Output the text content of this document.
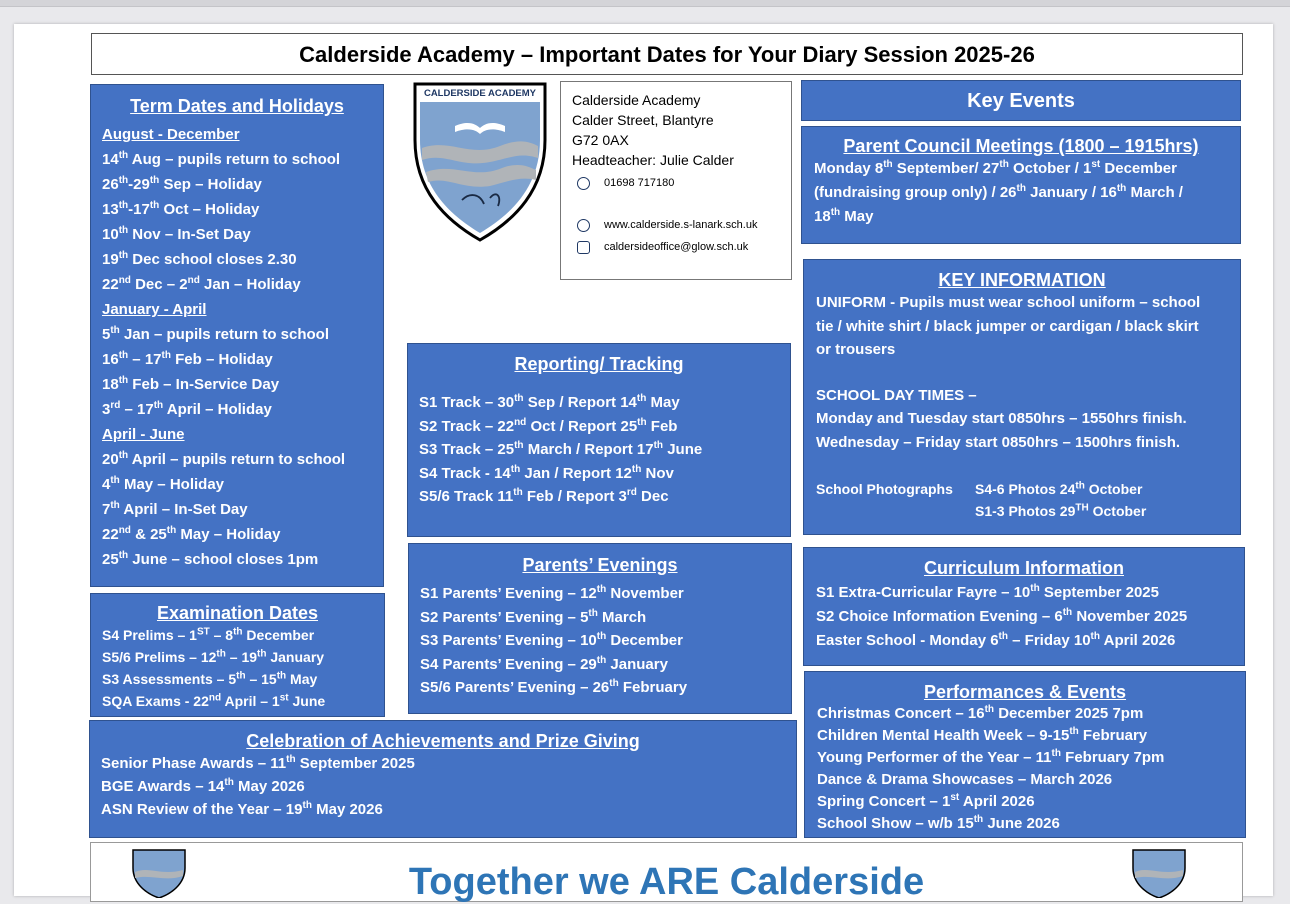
Calderside Academy – Important Dates for Your Diary Session 2025-26
Term Dates and Holidays
August - December
14th Aug – pupils return to school
26th-29th Sep – Holiday
13th-17th Oct – Holiday
10th Nov – In-Set Day
19th Dec school closes 2.30
22nd Dec – 2nd Jan – Holiday
January - April
5th Jan – pupils return to school
16th – 17th Feb – Holiday
18th Feb – In-Service Day
3rd – 17th April – Holiday
April - June
20th April – pupils return to school
4th May – Holiday
7th April – In-Set Day
22nd & 25th May – Holiday
25th June – school closes 1pm
Examination Dates
S4 Prelims – 1ST – 8th December
S5/6 Prelims – 12th – 19th January
S3 Assessments – 5th – 15th May
SQA Exams - 22nd April – 1st June
CALDERSIDE ACADEMY	Calderside Academy
Calder Street, Blantyre
G72 0AX
Headteacher: Julie Calder
01698 717180
www.calderside.s-lanark.sch.uk
caldersideoffice@glow.sch.uk
Reporting/ Tracking
S1 Track – 30th Sep / Report 14th May
S2 Track – 22nd Oct / Report 25th Feb
S3 Track – 25th March / Report 17th June
S4 Track - 14th Jan / Report 12th Nov
S5/6 Track 11th Feb / Report 3rd Dec
Parents’ Evenings
S1 Parents’ Evening – 12th November
S2 Parents’ Evening – 5th March
S3 Parents’ Evening – 10th December
S4 Parents’ Evening – 29th January
S5/6 Parents’ Evening – 26th February
Celebration of Achievements and Prize Giving
Senior Phase Awards – 11th September 2025
BGE Awards – 14th May 2026
ASN Review of the Year – 19th May 2026
Key Events
Parent Council Meetings (1800 – 1915hrs)
Monday 8th September/ 27th October / 1st December
(fundraising group only) / 26th January / 16th March /
18th May
KEY INFORMATION
UNIFORM - Pupils must wear school uniform – school
tie / white shirt / black jumper or cardigan / black skirt
or trousers
SCHOOL DAY TIMES –
Monday and Tuesday start 0850hrs – 1550hrs finish.
Wednesday – Friday start 0850hrs – 1500hrs finish.
School Photographs S4-6 Photos 24th October
S1-3 Photos 29TH October
Curriculum Information
S1 Extra-Curricular Fayre – 10th September 2025
S2 Choice Information Evening – 6th November 2025
Easter School - Monday 6th – Friday 10th April 2026
Performances & Events
Christmas Concert – 16th December 2025 7pm
Children Mental Health Week – 9-15th February
Young Performer of the Year – 11th February 7pm
Dance & Drama Showcases – March 2026
Spring Concert – 1st April 2026
School Show – w/b 15th June 2026
Together we ARE Calderside
